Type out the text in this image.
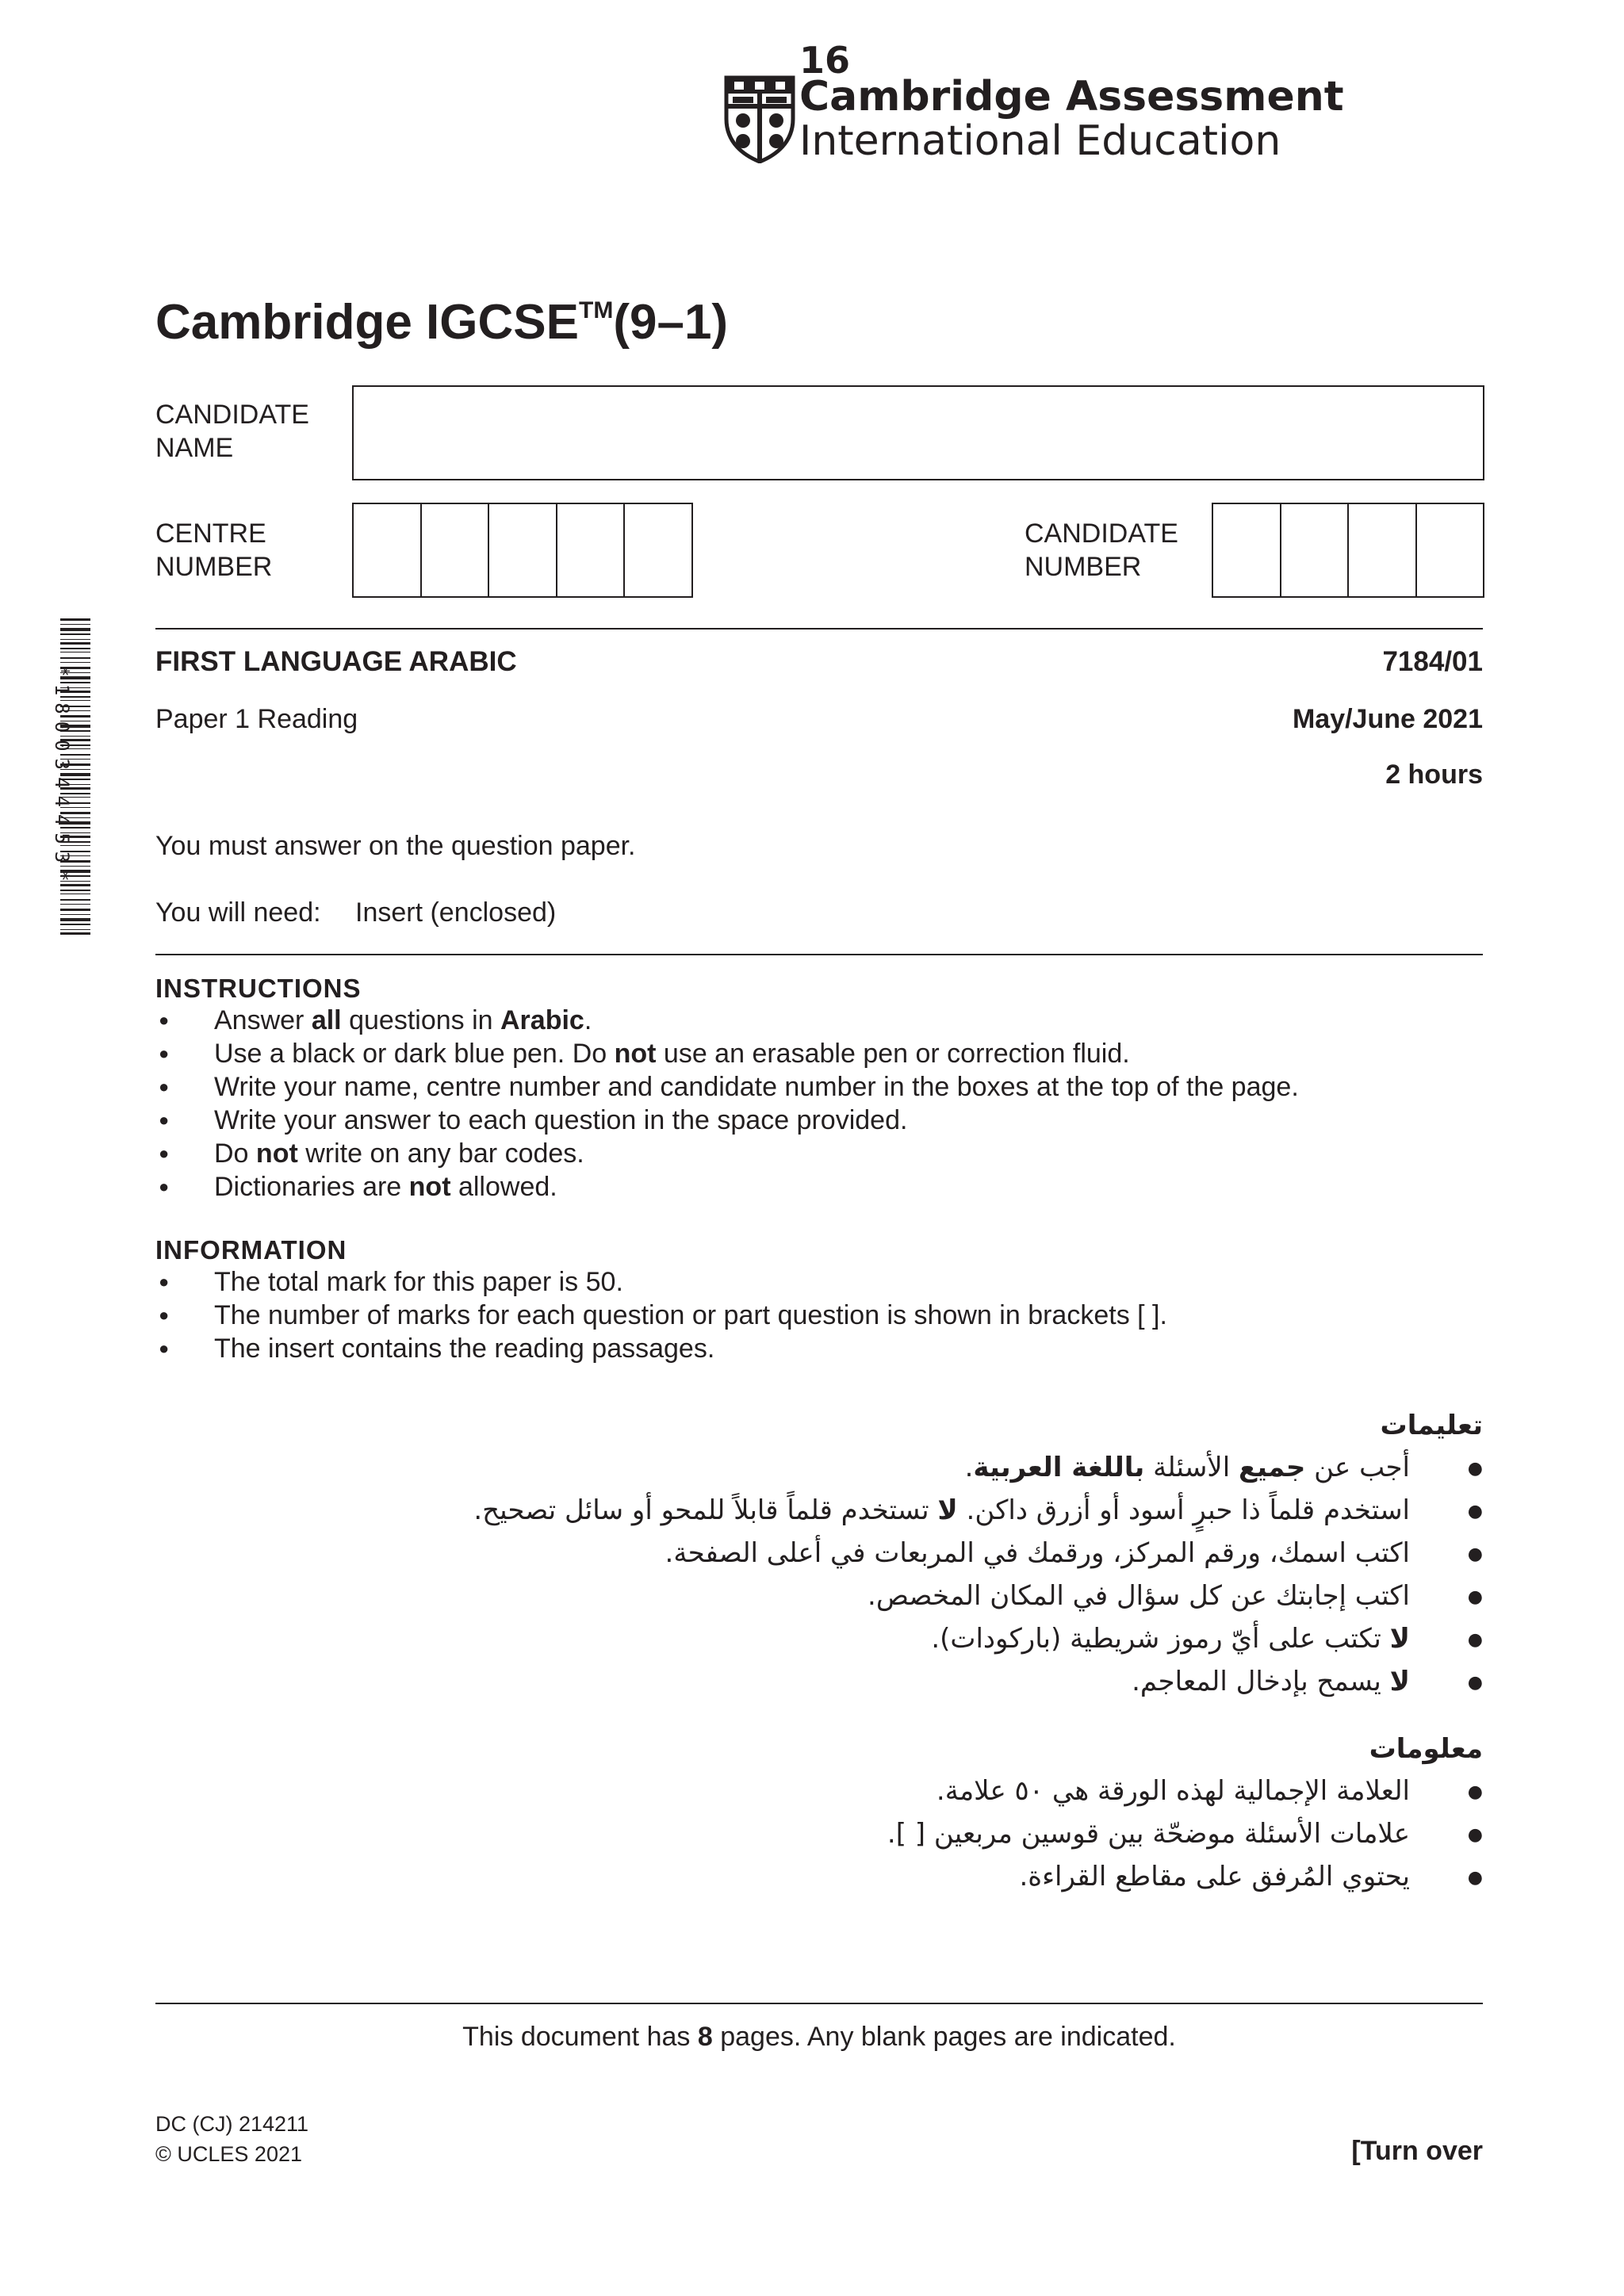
16
Cambridge Assessment
International Education
Cambridge IGCSE™(9–1)
CANDIDATE
NAME
CENTRE
NUMBER
CANDIDATE
NUMBER
*1800344453*
FIRST LANGUAGE ARABIC	7184/01
Paper 1 Reading	May/June 2021
2 hours
You must answer on the question paper.
You will need: Insert (enclosed)
INSTRUCTIONS
● Answer all questions in Arabic.
● Use a black or dark blue pen. Do not use an erasable pen or correction fluid.
● Write your name, centre number and candidate number in the boxes at the top of the page.
● Write your answer to each question in the space provided.
● Do not write on any bar codes.
● Dictionaries are not allowed.
INFORMATION
● The total mark for this paper is 50.
● The number of marks for each question or part question is shown in brackets [ ].
● The insert contains the reading passages.
تعليمات
● أجب عن جميع الأسئلة باللغة العربية.
● استخدم قلماً ذا حبرٍ أسود أو أزرق داكن. لا تستخدم قلماً قابلاً للمحو أو سائل تصحيح.
● اكتب اسمك، ورقم المركز، ورقمك في المربعات في أعلى الصفحة.
● اكتب إجابتك عن كل سؤال في المكان المخصص.
● لا تكتب على أيّ رموز شريطية (باركودات).
● لا يسمح بإدخال المعاجم.
معلومات
● العلامة الإجمالية لهذه الورقة هي ٥٠ علامة.
● علامات الأسئلة موضحّة بين قوسين مربعين [ ].
● يحتوي المُرفق على مقاطع القراءة.
This document has 8 pages. Any blank pages are indicated.
DC (CJ) 214211
© UCLES 2021	[Turn over
